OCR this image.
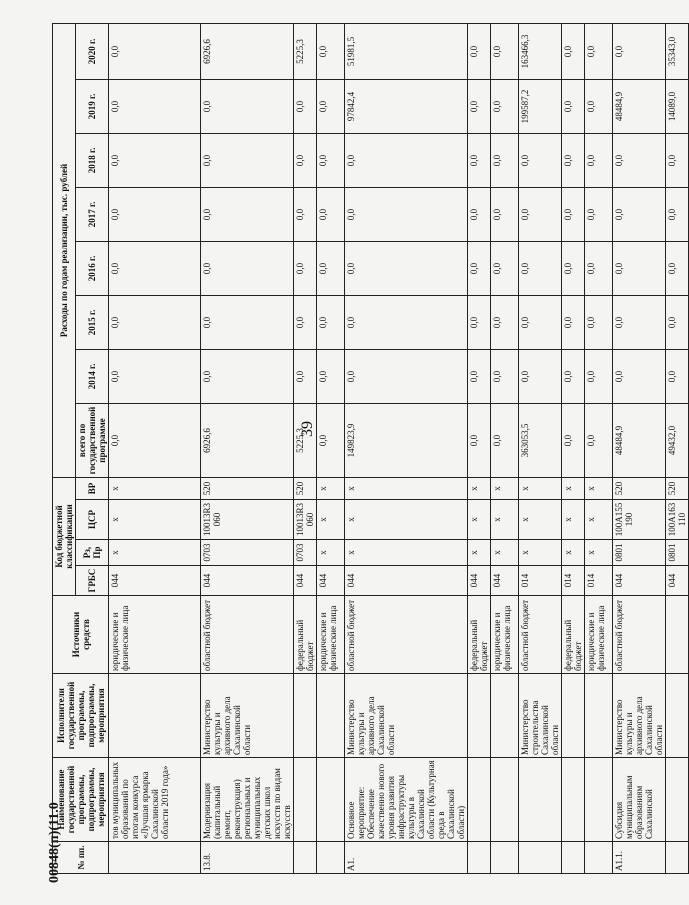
39
00848(п)(11.0 № пп.	Наименование государственной программы, подпрограммы, мероприятия	Исполнители государственной программы, подпрограммы, мероприятия	Источники средств	Код бюджетной классификации				Расходы по годам реализации, тыс. рублей							
				ГРБС	Рз, Пр	ЦСР	ВР	всего по государственной программе	2014 г.	2015 г.	2016 г.	2017 г.	2018 г.	2019 г.	2020 г.
	тов муниципальных образований по итогам конкурса «Лучшая ярмарка Сахалинской области 2019 года»		юридические и физические лица	044	х	х	х	0,0	0,0	0,0	0,0	0,0	0,0	0,0	0,0
13.8.	Модернизация (капитальный ремонт, реконструкция) региональных и муниципальных детских школ искусств по видам искусств	Министерство культуры и архивного дела Сахалинской области	областной бюджет	044	0703	10013R3060	520	6926,6	0,0	0,0	0,0	0,0	0,0	0,0	6926,6
			федеральный бюджет	044	0703	10013R3060	520	5225,3	0,0	0,0	0,0	0,0	0,0	0,0	5225,3
			юридические и физические лица	044	х	х	х	0,0	0,0	0,0	0,0	0,0	0,0	0,0	0,0
А1.	Основное мероприятие: Обеспечение качественно нового уровня развития инфраструктуры культуры в Сахалинской области (Культурная среда в Сахалинской области)	Министерство культуры и архивного дела Сахалинской области	областной бюджет	044	х	х	х	149823,9	0,0	0,0	0,0	0,0	0,0	97842,4	51981,5
			федеральный бюджет	044	х	х	х	0,0	0,0	0,0	0,0	0,0	0,0	0,0	0,0
			юридические и физические лица	044	х	х	х	0,0	0,0	0,0	0,0	0,0	0,0	0,0	0,0
		Министерство строительства Сахалинской области	областной бюджет	014	х	х	х	363053,5	0,0	0,0	0,0	0,0	0,0	199587,2	163466,3
			федеральный бюджет	014	х	х	х	0,0	0,0	0,0	0,0	0,0	0,0	0,0	0,0
			юридические и физические лица	014	х	х	х	0,0	0,0	0,0	0,0	0,0	0,0	0,0	0,0
А1.1.	Субсидия муниципальным образованиям Сахалинской	Министерство культуры и архивного дела Сахалинской области	областной бюджет	044	0801	100A155190	520	48484,9	0,0	0,0	0,0	0,0	0,0	48484,9	0,0
				044	0801	100A163110	520	49432,0	0,0	0,0	0,0	0,0	0,0	14089,0	35343,0
